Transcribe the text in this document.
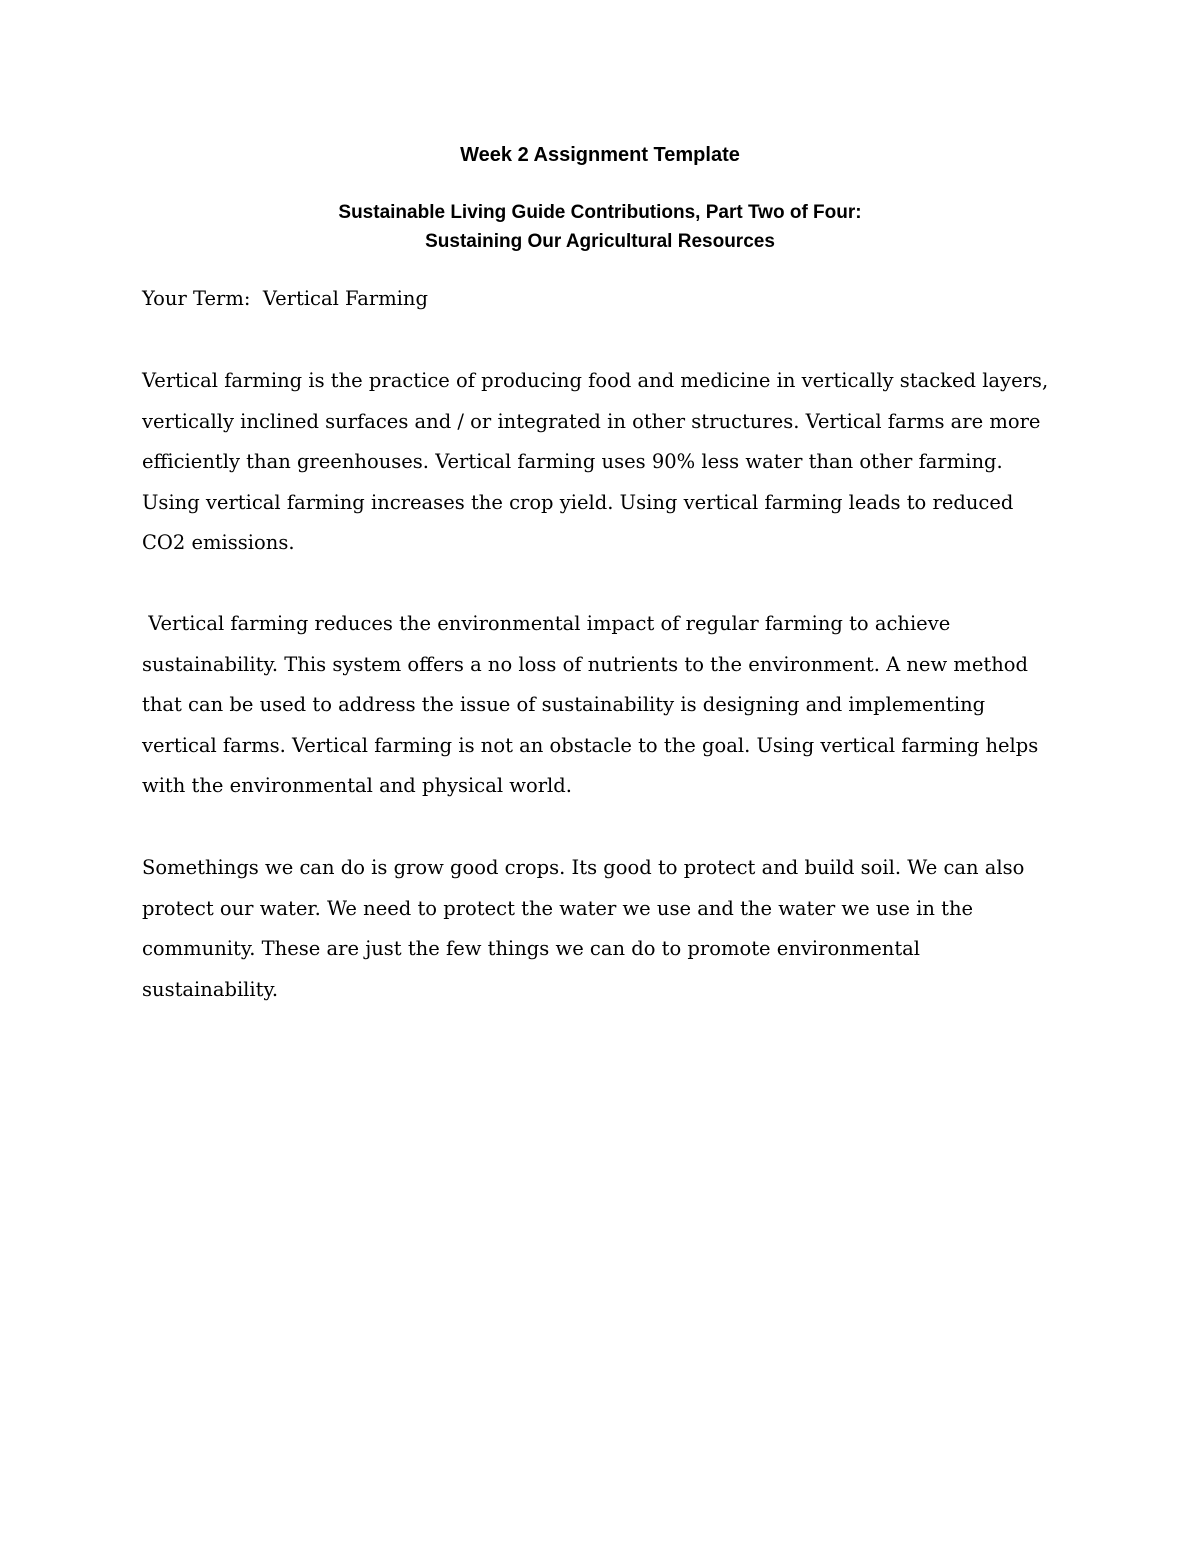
Week 2 Assignment Template
Sustainable Living Guide Contributions, Part Two of Four:
Sustaining Our Agricultural Resources

Your Term: Vertical Farming

Vertical farming is the practice of producing food and medicine in vertically stacked layers,
vertically inclined surfaces and / or integrated in other structures. Vertical farms are more
efficiently than greenhouses. Vertical farming uses 90% less water than other farming.
Using vertical farming increases the crop yield. Using vertical farming leads to reduced
CO2 emissions.

Vertical farming reduces the environmental impact of regular farming to achieve
sustainability. This system offers a no loss of nutrients to the environment. A new method
that can be used to address the issue of sustainability is designing and implementing
vertical farms. Vertical farming is not an obstacle to the goal. Using vertical farming helps
with the environmental and physical world.

Somethings we can do is grow good crops. Its good to protect and build soil. We can also
protect our water. We need to protect the water we use and the water we use in the
community. These are just the few things we can do to promote environmental
sustainability.
